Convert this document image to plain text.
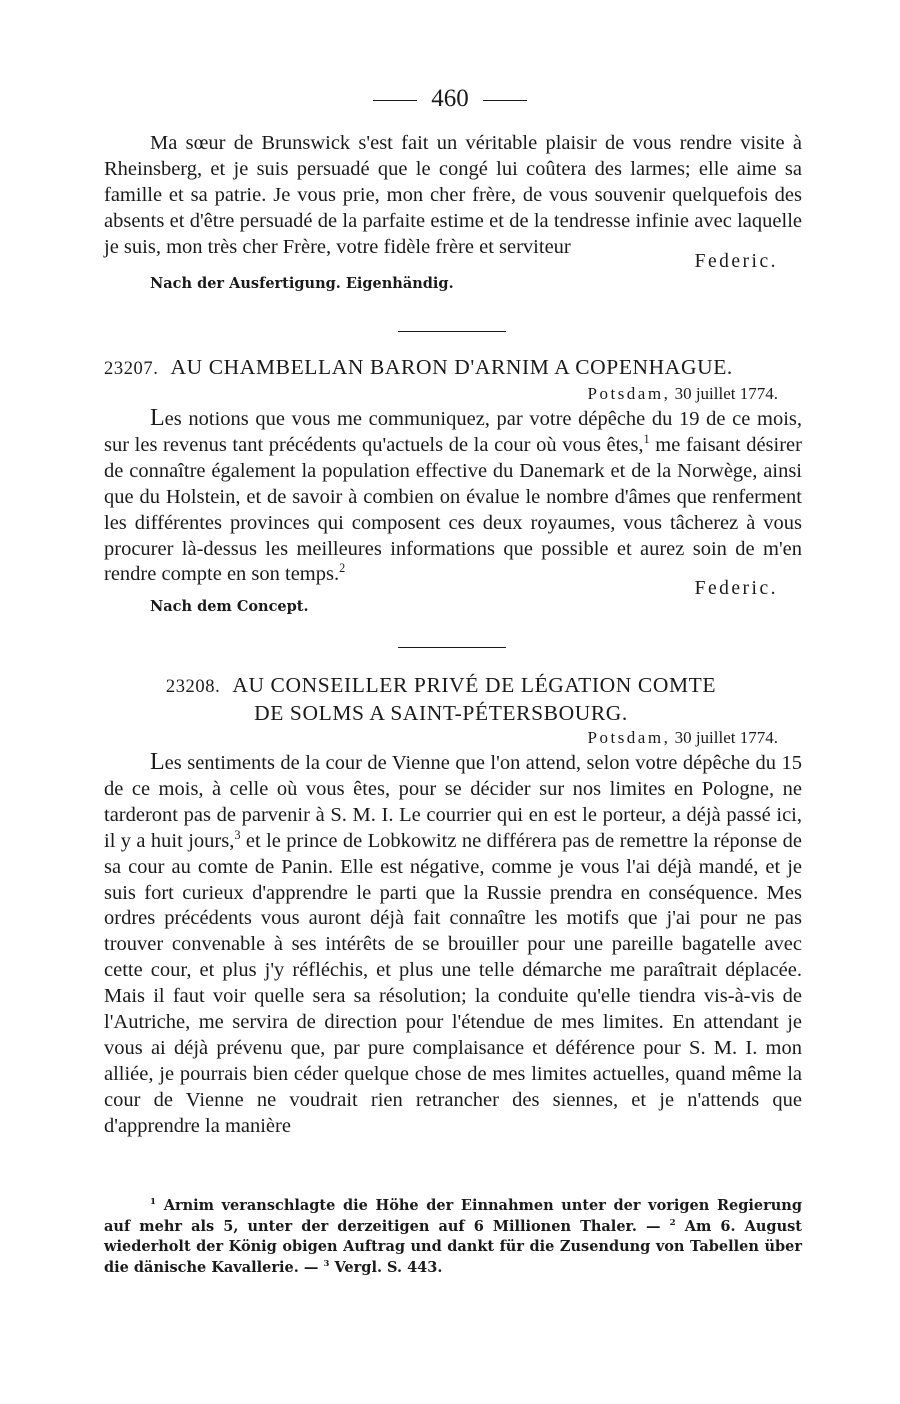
460

Ma sœur de Brunswick s'est fait un véritable plaisir de vous rendre visite à Rheinsberg, et je suis persuadé que le congé lui coûtera des larmes; elle aime sa famille et sa patrie. Je vous prie, mon cher frère, de vous souvenir quelquefois des absents et d'être persuadé de la parfaite estime et de la tendresse infinie avec laquelle je suis, mon très cher Frère, votre fidèle frère et serviteur

Federic.
Nach der Ausfertigung. Eigenhändig.

23207. AU CHAMBELLAN BARON D'ARNIM A COPENHAGUE.

Potsdam, 30 juillet 1774.

Les notions que vous me communiquez, par votre dépêche du 19 de ce mois, sur les revenus tant précédents qu'actuels de la cour où vous êtes,$^1$ me faisant désirer de connaître également la population effective du Danemark et de la Norwège, ainsi que du Holstein, et de savoir à combien on évalue le nombre d'âmes que renferment les différentes provinces qui composent ces deux royaumes, vous tâcherez à vous procurer là-dessus les meilleures informations que possible et aurez soin de m'en rendre compte en son temps.$^2$

Federic.
Nach dem Concept.

23208. AU CONSEILLER PRIVÉ DE LÉGATION COMTE

DE SOLMS A SAINT-PÉTERSBOURG.

Potsdam, 30 juillet 1774.

Les sentiments de la cour de Vienne que l'on attend, selon votre dépêche du 15 de ce mois, à celle où vous êtes, pour se décider sur nos limites en Pologne, ne tarderont pas de parvenir à S. M. I. Le courrier qui en est le porteur, a déjà passé ici, il y a huit jours,$^3$ et le prince de Lobkowitz ne différera pas de remettre la réponse de sa cour au comte de Panin. Elle est négative, comme je vous l'ai déjà mandé, et je suis fort curieux d'apprendre le parti que la Russie prendra en conséquence. Mes ordres précédents vous auront déjà fait connaître les motifs que j'ai pour ne pas trouver convenable à ses intérêts de se brouiller pour une pareille bagatelle avec cette cour, et plus j'y réfléchis, et plus une telle démarche me paraîtrait déplacée. Mais il faut voir quelle sera sa résolution; la conduite qu'elle tiendra vis-à-vis de l'Autriche, me servira de direction pour l'étendue de mes limites. En attendant je vous ai déjà prévenu que, par pure complaisance et déférence pour S. M. I. mon alliée, je pourrais bien céder quelque chose de mes limites actuelles, quand même la cour de Vienne ne voudrait rien retrancher des siennes, et je n'attends que d'apprendre la manière

$^1$ Arnim veranschlagte die Höhe der Einnahmen unter der vorigen Regierung auf mehr als 5, unter der derzeitigen auf 6 Millionen Thaler. — $^2$ Am 6. August wiederholt der König obigen Auftrag und dankt für die Zusendung von Tabellen über die dänische Kavallerie. — $^3$ Vergl. S. 443.
